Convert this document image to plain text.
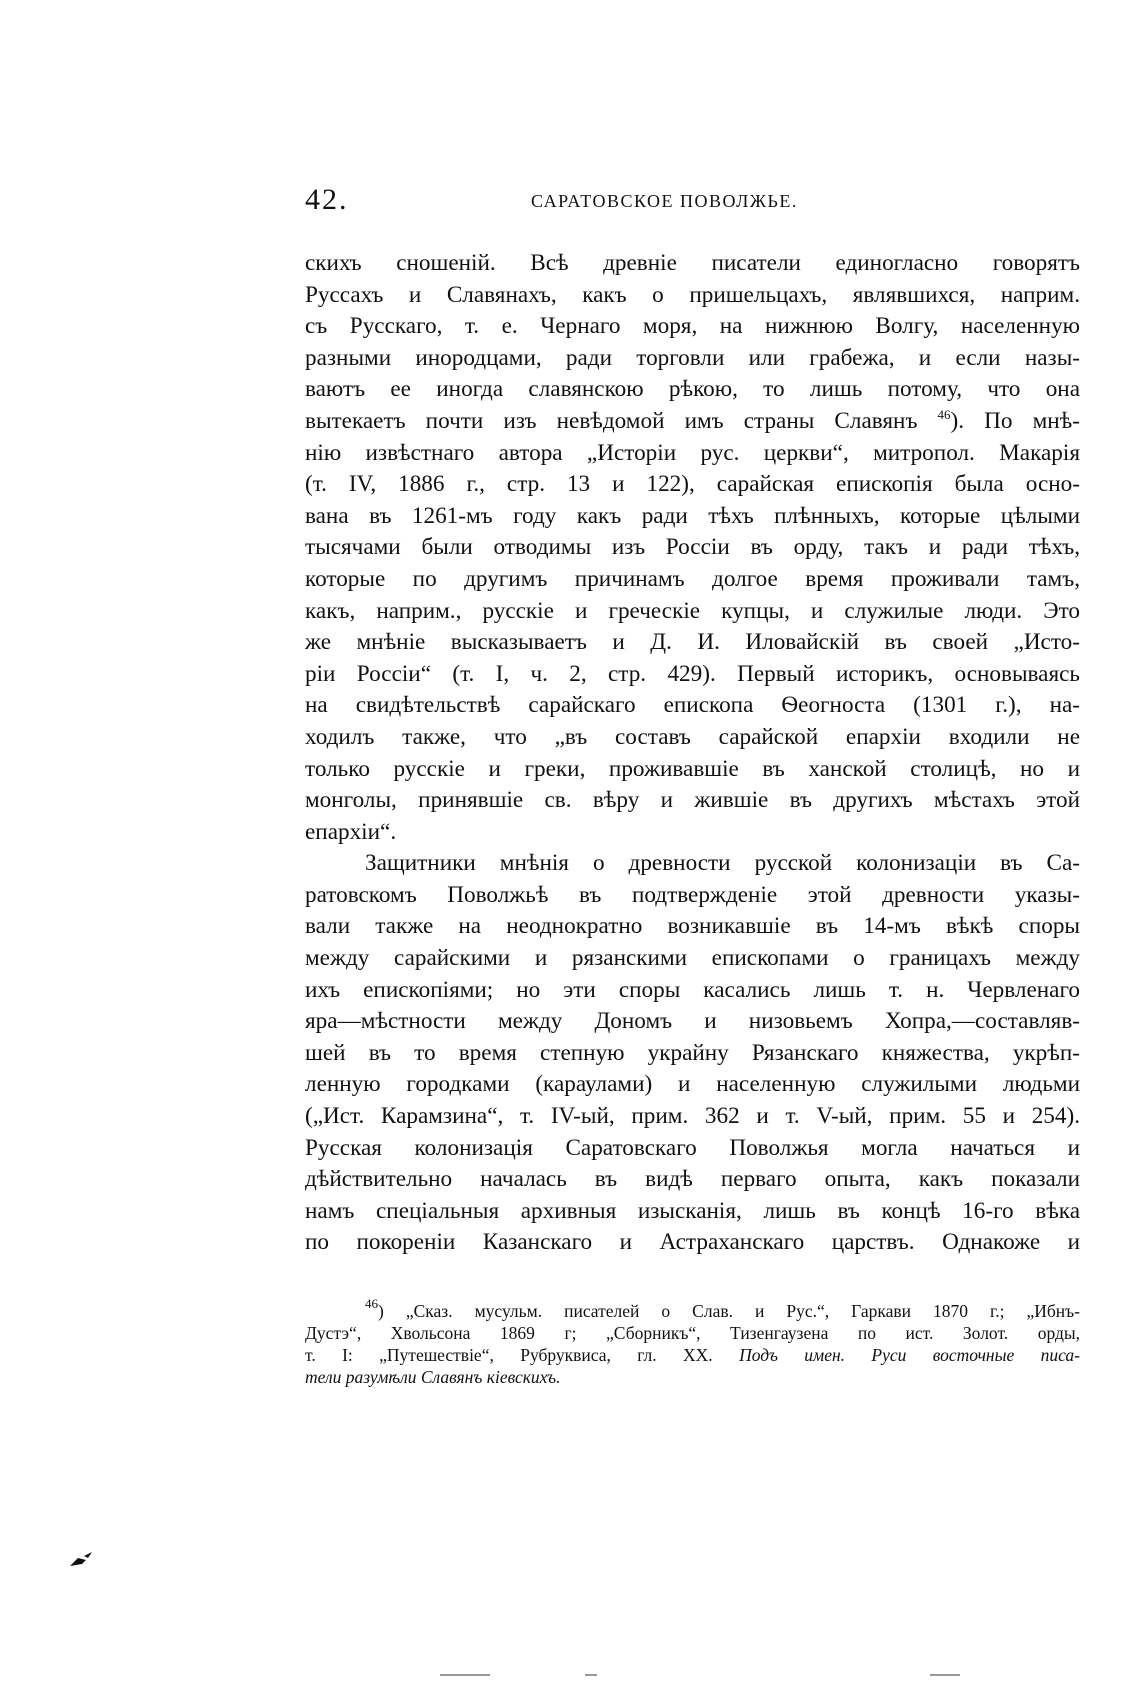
42.	САРАТОВСКОЕ ПОВОЛЖЬЕ.
скихъ сношеній. Всѣ древніе писатели единогласно говорятъ
Руссахъ и Славянахъ, какъ о пришельцахъ, являвшихся, наприм.
съ Русскаго, т. е. Чернаго моря, на нижнюю Волгу, населенную
разными инородцами, ради торговли или грабежа, и если назы-
ваютъ ее иногда славянскою рѣкою, то лишь потому, что она
вытекаетъ почти изъ невѣдомой имъ страны Славянъ $^{46}$). По мнѣ-
нію извѣстнаго автора „Исторіи рус. церкви“, митропол. Макарія
(т. IV, 1886 г., стр. 13 и 122), сарайская епископія была осно-
вана въ 1261-мъ году какъ ради тѣхъ плѣнныхъ, которые цѣлыми
тысячами были отводимы изъ Россіи въ орду, такъ и ради тѣхъ,
которые по другимъ причинамъ долгое время проживали тамъ,
какъ, наприм., русскіе и греческіе купцы, и служилые люди. Это
же мнѣніе высказываетъ и Д. И. Иловайскій въ своей „Исто-
ріи Россіи“ (т. I, ч. 2, стр. 429). Первый историкъ, основываясь
на свидѣтельствѣ сарайскаго епископа Ѳеогноста (1301 г.), на-
ходилъ также, что „въ составъ сарайской епархіи входили не
только русскіе и греки, проживавшіе въ ханской столицѣ, но и
монголы, принявшіе св. вѣру и жившіе въ другихъ мѣстахъ этой
епархіи“.
Защитники мнѣнія о древности русской колонизаціи въ Са-
ратовскомъ Поволжьѣ въ подтвержденіе этой древности указы-
вали также на неоднократно возникавшіе въ 14-мъ вѣкѣ споры
между сарайскими и рязанскими епископами о границахъ между
ихъ епископіями; но эти споры касались лишь т. н. Червленаго
яра—мѣстности между Дономъ и низовьемъ Хопра,—составляв-
шей въ то время степную украйну Рязанскаго княжества, укрѣп-
ленную городками (караулами) и населенную служилыми людьми
(„Ист. Карамзина“, т. IV-ый, прим. 362 и т. V-ый, прим. 55 и 254).
Русская колонизація Саратовскаго Поволжья могла начаться и
дѣйствительно началась въ видѣ перваго опыта, какъ показали
намъ спеціальныя архивныя изысканія, лишь въ концѣ 16-го вѣка
по покореніи Казанскаго и Астраханскаго царствъ. Однакоже и
$^{46}$) „Сказ. мусульм. писателей о Слав. и Рус.“, Гаркави 1870 г.; „Ибнъ-
Дустэ“, Хвольсона 1869 г; „Сборникъ“, Тизенгаузена по ист. Золот. орды,
т. I: „Путешествіе“, Рубруквиса, гл. XX. Подъ имен. Руси восточные писа-
тели разумѣли Славянъ кіевскихъ.
